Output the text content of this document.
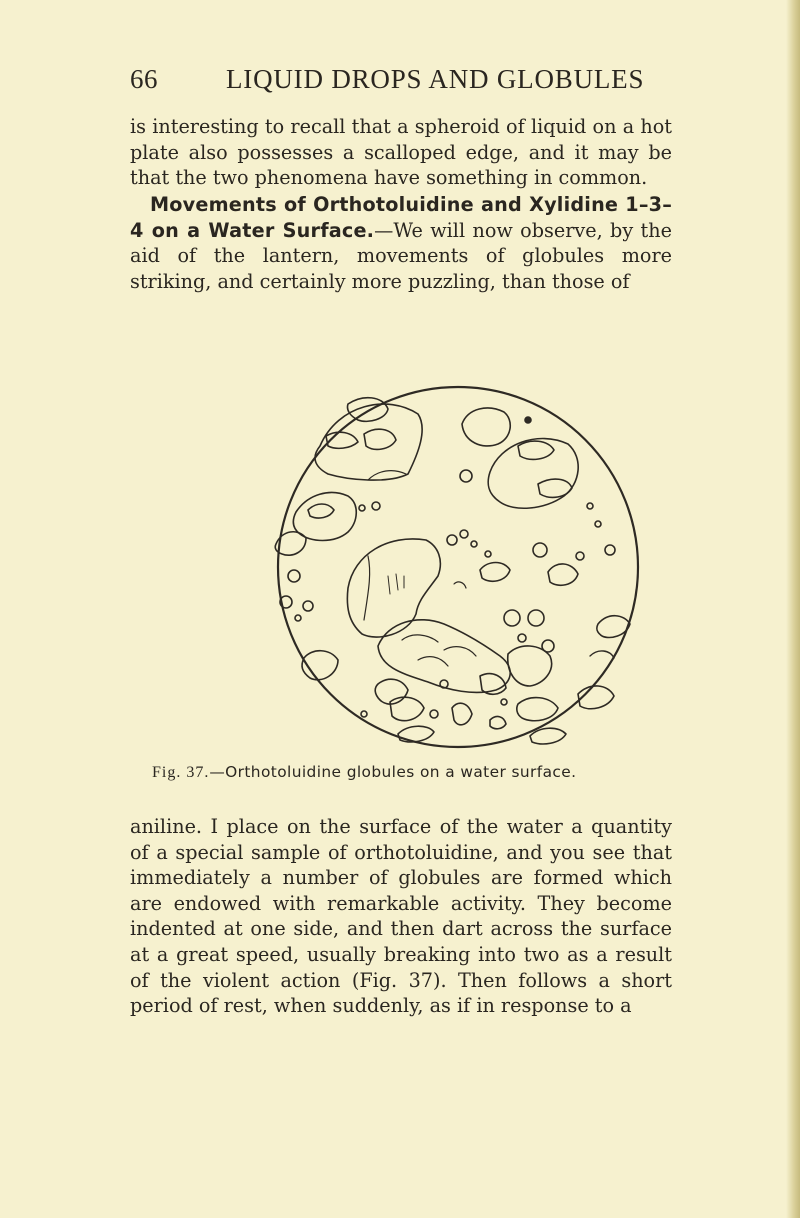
66	LIQUID DROPS AND GLOBULES

is interesting to recall that a spheroid of liquid on a hot plate also possesses a scalloped edge, and it may be that the two phenomena have something in common.

Movements of Orthotoluidine and Xylidine 1–3–4 on a Water Surface.—We will now observe, by the aid of the lantern, movements of globules more striking, and certainly more puzzling, than those of

Fig. 37.—Orthotoluidine globules on a water surface.

aniline. I place on the surface of the water a quantity of a special sample of orthotoluidine, and you see that immediately a number of globules are formed which are endowed with remarkable activity. They become indented at one side, and then dart across the surface at a great speed, usually breaking into two as a result of the violent action (Fig. 37). Then follows a short period of rest, when suddenly, as if in response to a
